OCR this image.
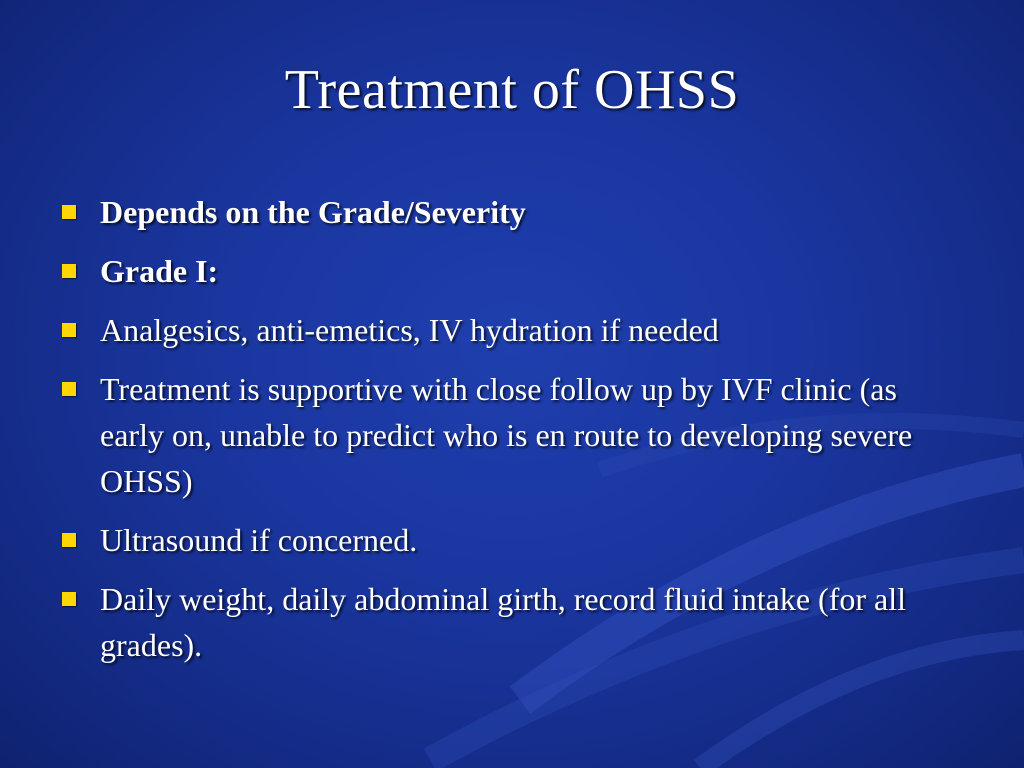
Treatment of OHSS
Depends on the Grade/Severity
Grade I:
Analgesics, anti-emetics, IV hydration if needed
Treatment is supportive with close follow up by IVF clinic (as early on, unable to predict who is en route to developing severe OHSS)
Ultrasound if concerned.
Daily weight, daily abdominal girth, record fluid intake (for all grades).
